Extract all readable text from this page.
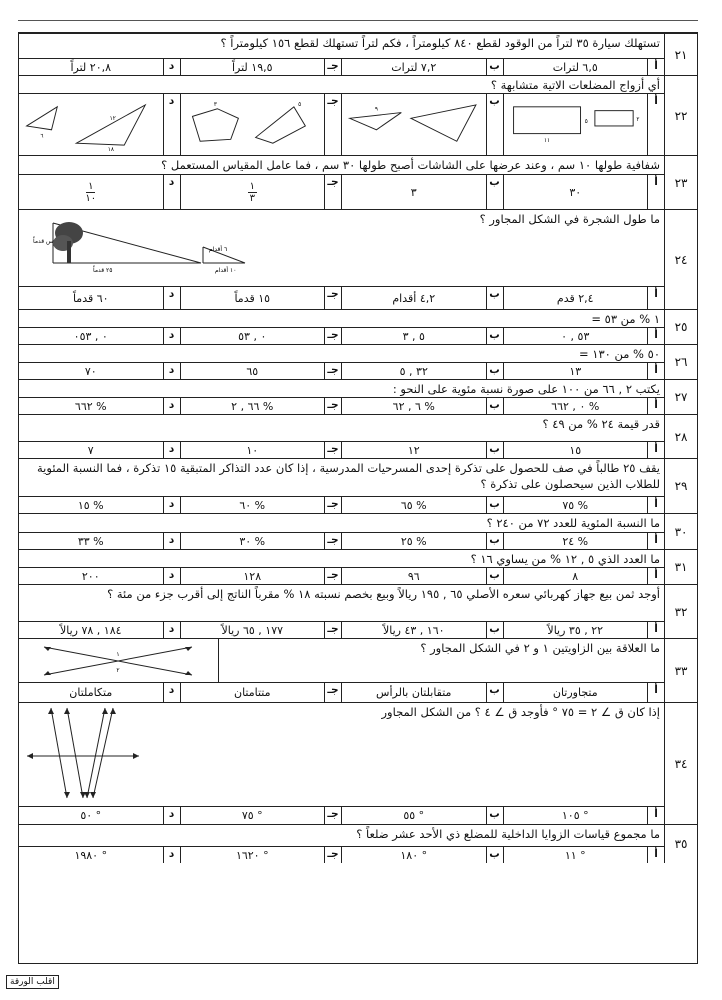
٢١
تستهلك سيارة ٣٥ لتراً من الوقود لقطع ٨٤٠ كيلومتراً ، فكم لتراً تستهلك لقطع ١٥٦ كيلومتراً ؟
أ
٦,٥ لترات
ب
٧,٢ لترات
جـ
١٩,٥ لتراً
د
٢٠,٨ لتراً
٢٢
أي أزواج المضلعات الاتية متشابهة ؟
أ
١١
٥	٢
ب
٩
جـ
٣	٥
د
٦
١٢
١٨
٢٣
شفافية طولها ١٠ سم ، وعند عرضها على الشاشات أصبح طولها ٣٠ سم ، فما عامل المقياس المستعمل ؟
أ
٣٠
ب
٣
جـ
$\frac{١}{٣}$
د
$\frac{١}{١٠}$
٢٤
ما طول الشجرة في الشكل المجاور ؟
س قدماً
٢٥ قدماً
٦ أقدام
١٠ أقدام
أ
٢,٤ قدم
ب
٤,٢ أقدام
جـ
١٥ قدماً
د
٦٠ قدماً
٢٥
١ % من ٥٣ =
أ
٥٣ , ٠
ب
٥ , ٣
جـ
٠ , ٥٣
د
٠ , ٠٥٣
٢٦
٥٠ % من ١٣٠ =
أ
١٣
ب
٣٢ , ٥
جـ
٦٥
د
٧٠
٢٧
يكتب ٢ , ٦٦ من ١٠٠ على صورة نسبة مئوية على النحو :
أ
% ٠ , ٦٦٢
ب
% ٦ , ٦٢
جـ
% ٦٦ , ٢
د
% ٦٦٢
٢٨
قدر قيمة ٢٤ % من ٤٩ ؟
أ
١٥
ب
١٢
جـ
١٠
د
٧
٢٩
يقف ٢٥ طالباً في صف للحصول على تذكرة إحدى المسرحيات المدرسية ، إذا كان عدد التذاكر المتبقية ١٥ تذكرة ، فما النسبة المئوية للطلاب الذين سيحصلون على تذكرة ؟
أ
% ٧٥
ب
% ٦٥
جـ
% ٦٠
د
% ١٥
٣٠
ما النسبة المئوية للعدد ٧٢ من ٢٤٠ ؟
أ
% ٢٤
ب
% ٢٥
جـ
% ٣٠
د
% ٣٣
٣١
ما العدد الذي ٥ , ١٢ % من يساوي ١٦ ؟
أ
٨
ب
٩٦
جـ
١٢٨
د
٢٠٠
٣٢
أوجد ثمن بيع جهاز كهربائي سعره الأصلي ٦٥ , ١٩٥ ريالاً وبيع بخصم نسبته ١٨ % مقرباً الناتج إلى أقرب جزء من مئة ؟
أ
٢٢ , ٣٥ ريالاً
ب
١٦٠ , ٤٣ ريالاً
جـ
١٧٧ , ٦٥ ريالاً
د
١٨٤ , ٧٨ ريالاً
٣٣
ما العلاقة بين الزاويتين ١ و ٢ في الشكل المجاور ؟
١
٢
أ
متجاورتان
ب
متقابلتان بالرأس
جـ
متتامتان
د
متكاملتان
٣٤
إذا كان ق ∠ ٢ = ٧٥ ° فأوجد ق ∠ ٤ ؟ من الشكل المجاور
أ
° ١٠٥
ب
° ٥٥
جـ
° ٧٥
د
° ٥٠
٣٥
ما مجموع قياسات الزوايا الداخلية للمضلع ذي الأحد عشر ضلعاً ؟
أ
° ١١
ب
° ١٨٠
جـ
° ١٦٢٠
د
° ١٩٨٠
اقلب الورقة
